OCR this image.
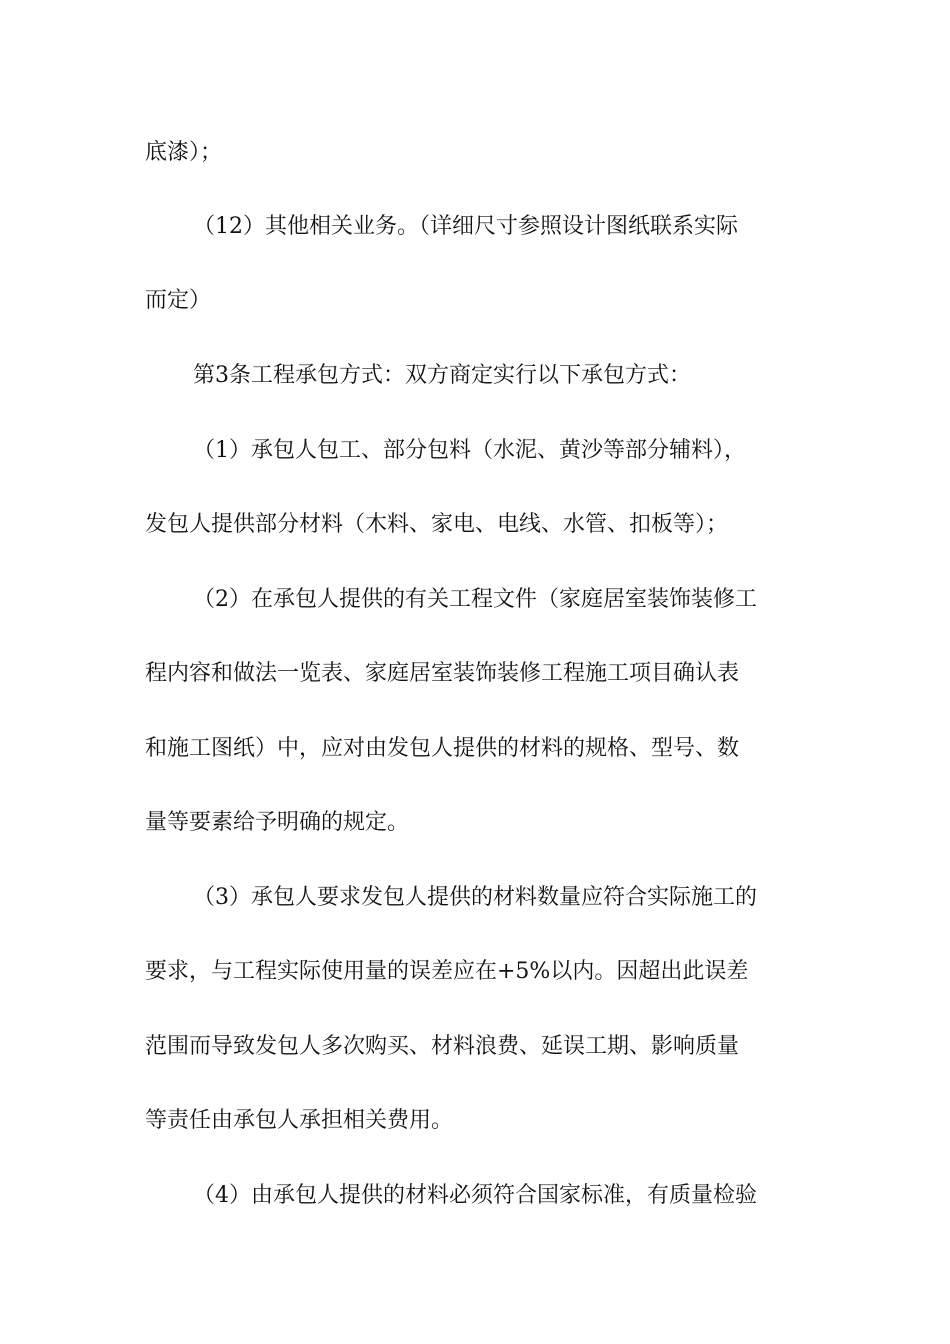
底漆）；
（12）其他相关业务。（详细尺寸参照设计图纸联系实际
而定）
第3条工程承包方式：双方商定实行以下承包方式：
（1）承包人包工、部分包料（水泥、黄沙等部分辅料），
发包人提供部分材料（木料、家电、电线、水管、扣板等）；
（2）在承包人提供的有关工程文件（家庭居室装饰装修工
程内容和做法一览表、家庭居室装饰装修工程施工项目确认表
和施工图纸）中，应对由发包人提供的材料的规格、型号、数
量等要素给予明确的规定。
（3）承包人要求发包人提供的材料数量应符合实际施工的
要求，与工程实际使用量的误差应在+5%以内。因超出此误差
范围而导致发包人多次购买、材料浪费、延误工期、影响质量
等责任由承包人承担相关费用。
（4）由承包人提供的材料必须符合国家标准，有质量检验
